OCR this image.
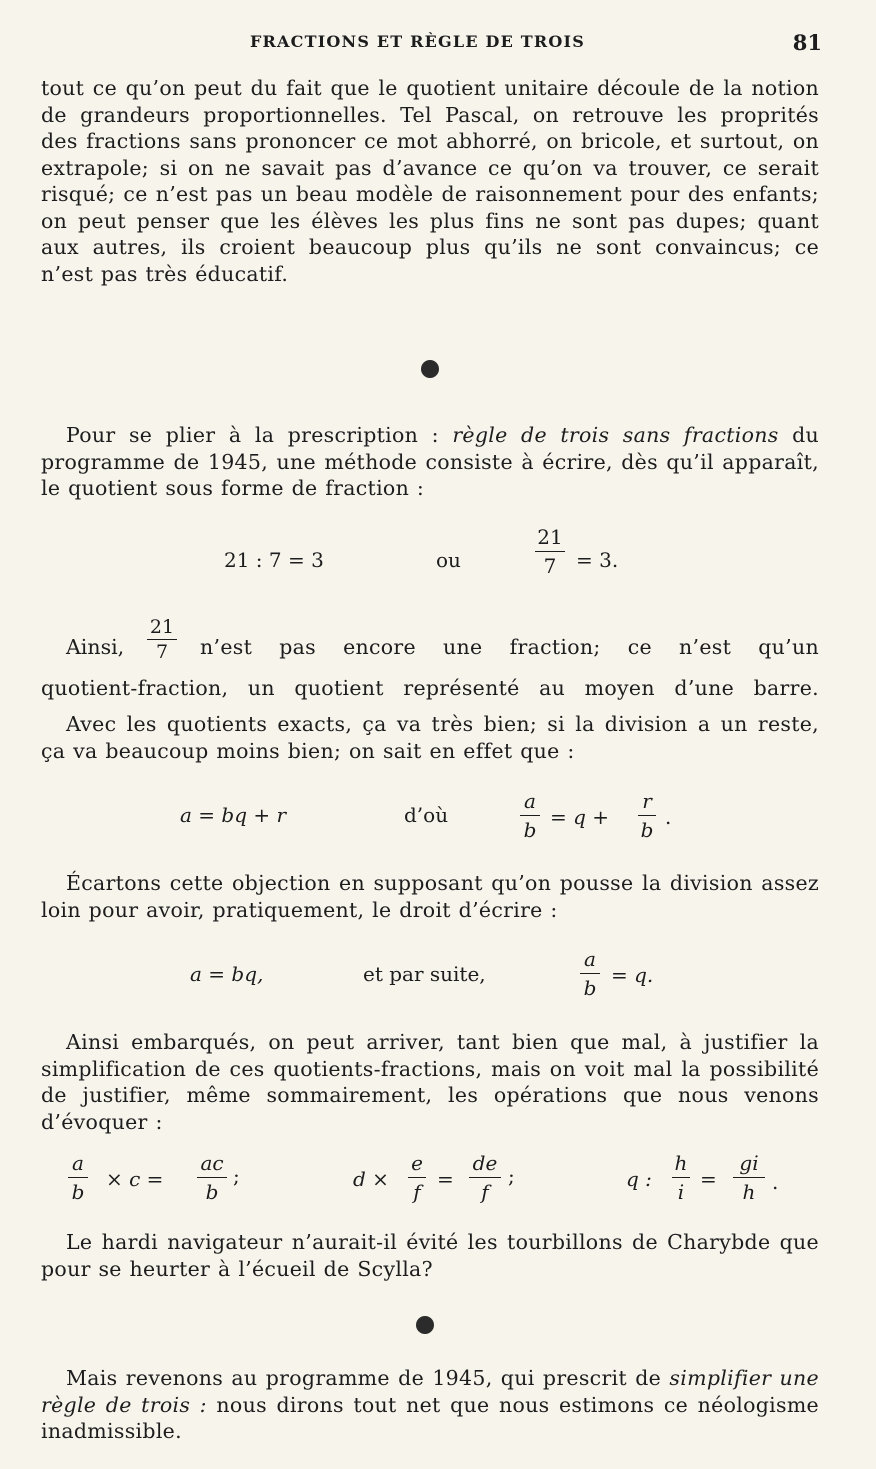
FRACTIONS ET RÈGLE DE TROIS	81

tout ce qu’on peut du fait que le quotient unitaire découle de la notion de grandeurs proportionnelles. Tel Pascal, on retrouve les proprités des fractions sans prononcer ce mot abhorré, on bricole, et surtout, on extrapole; si on ne savait pas d’avance ce qu’on va trouver, ce serait risqué; ce n’est pas un beau modèle de raisonnement pour des enfants; on peut penser que les élèves les plus fins ne sont pas dupes; quant aux autres, ils croient beaucoup plus qu’ils ne sont convaincus; ce n’est pas très éducatif.

Pour se plier à la prescription : règle de trois sans fractions du programme de 1945, une méthode consiste à écrire, dès qu’il apparaît, le quotient sous forme de fraction :

21 : 7 = 3	ou
21
7 = 3.
Ainsi,
21
7	n’est pas encore une fraction; ce n’est qu’un
quotient-fraction, un quotient représenté au moyen d’une barre.

Avec les quotients exacts, ça va très bien; si la division a un reste, ça va beaucoup moins bien; on sait en effet que :

a = bq + r	d’où
a
b
= q +
r
b
.

Écartons cette objection en supposant qu’on pousse la division assez loin pour avoir, pratiquement, le droit d’écrire :

a = bq,	et par suite,
a
b
= q.

Ainsi embarqués, on peut arriver, tant bien que mal, à justifier la simplification de ces quotients-fractions, mais on voit mal la possibilité de justifier, même sommairement, les opérations que nous venons d’évoquer :

a
b
× c =
ac
b
;	d ×
e
f
=
de
f
;	q :
h
i
=
gi
h .

Le hardi navigateur n’aurait-il évité les tourbillons de Charybde que pour se heurter à l’écueil de Scylla?

Mais revenons au programme de 1945, qui prescrit de simplifier une règle de trois : nous dirons tout net que nous estimons ce néologisme inadmissible.
